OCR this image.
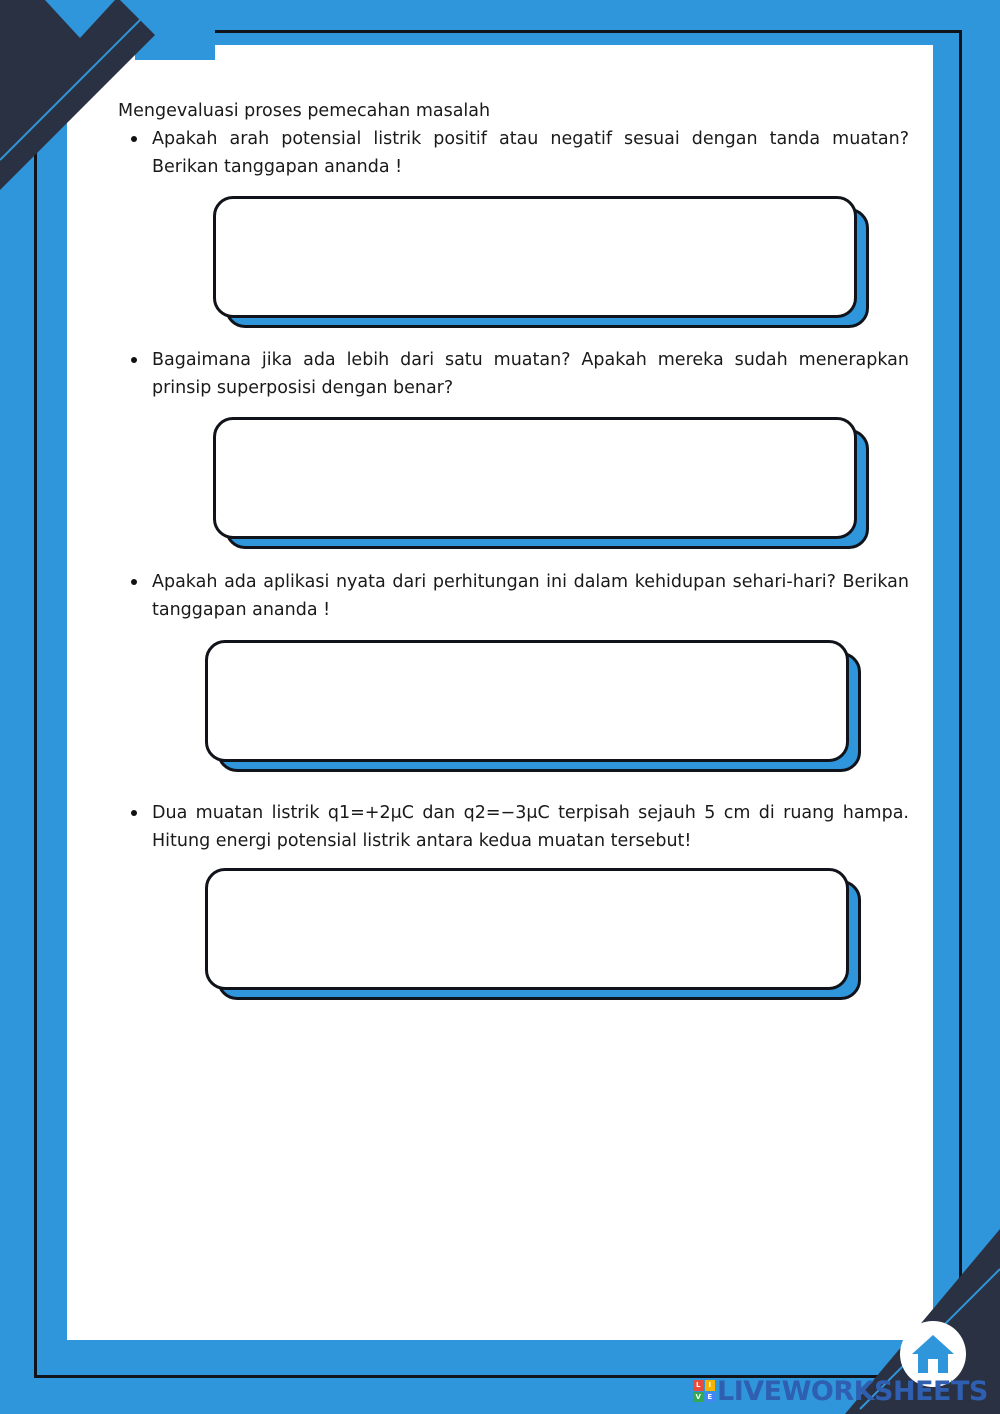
Mengevaluasi proses pemecahan masalah

Apakah arah potensial listrik positif atau negatif sesuai dengan tanda muatan? Berikan tanggapan ananda !

Bagaimana jika ada lebih dari satu muatan? Apakah mereka sudah menerapkan prinsip superposisi dengan benar?

Apakah ada aplikasi nyata dari perhitungan ini dalam kehidupan sehari-hari? Berikan tanggapan ananda !

Dua muatan listrik q1=+2μC dan q2=−3μC terpisah sejauh 5 cm di ruang hampa. Hitung energi potensial listrik antara kedua muatan tersebut!

L	I
V E LIVEWORKSHEETS
